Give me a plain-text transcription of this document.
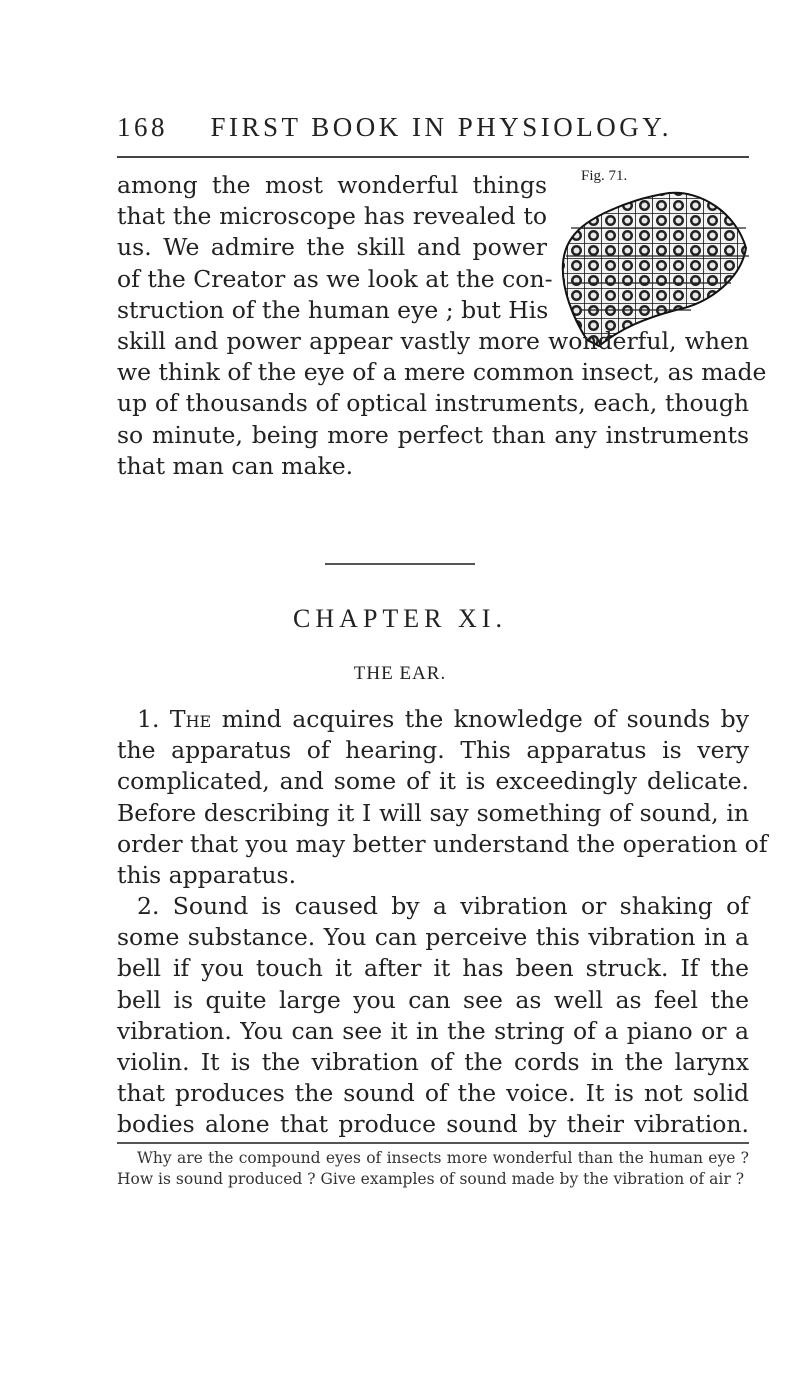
168 FIRST BOOK IN PHYSIOLOGY.
Fig. 71.
among the most wonderful things
that the microscope has revealed to
us. We admire the skill and power
of the Creator as we look at the con-
struction of the human eye ; but His
skill and power appear vastly more wonderful, when
we think of the eye of a mere common insect, as made
up of thousands of optical instruments, each, though
so minute, being more perfect than any instruments
that man can make.
CHAPTER XI.
THE EAR.
1. The mind acquires the knowledge of sounds by
the apparatus of hearing. This apparatus is very
complicated, and some of it is exceedingly delicate.
Before describing it I will say something of sound, in
order that you may better understand the operation of
this apparatus.
2. Sound is caused by a vibration or shaking of
some substance. You can perceive this vibration in a
bell if you touch it after it has been struck. If the
bell is quite large you can see as well as feel the
vibration. You can see it in the string of a piano or a
violin. It is the vibration of the cords in the larynx
that produces the sound of the voice. It is not solid
bodies alone that produce sound by their vibration.

Why are the compound eyes of insects more wonderful than the human eye ? How is sound produced ? Give examples of sound made by the vibration of air ?
